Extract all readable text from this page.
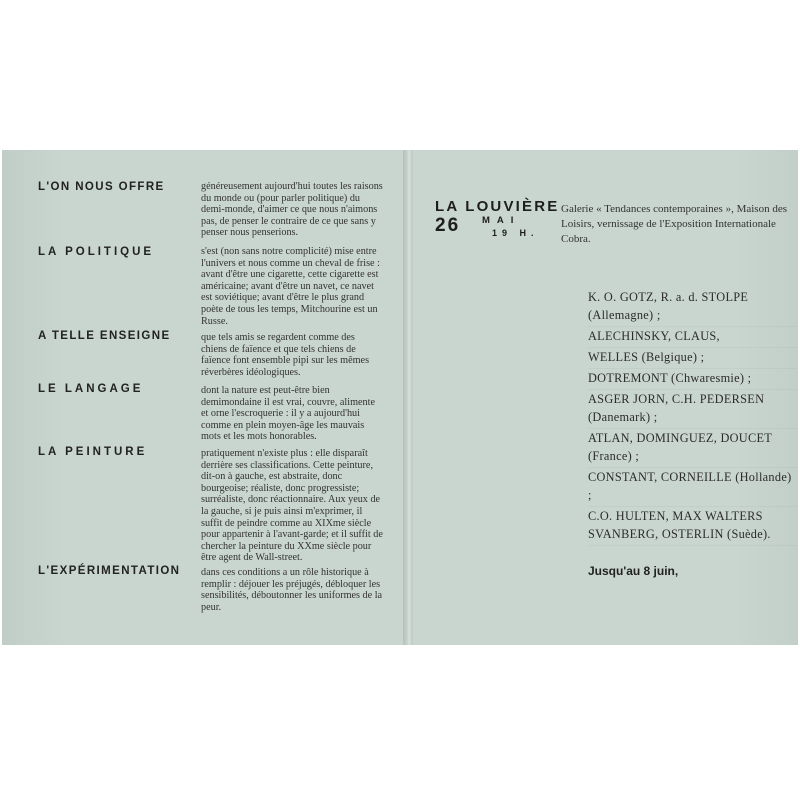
L'ON NOUS OFFRE	généreusement aujourd'hui toutes les raisons du monde ou (pour parler politique) du demi-monde, d'aimer ce que nous n'aimons pas, de penser le contraire de ce que sans y penser nous penserions.
LA POLITIQUE	s'est (non sans notre complicité) mise entre l'univers et nous comme un cheval de frise : avant d'être une cigarette, cette cigarette est américaine; avant d'être un navet, ce navet est soviétique; avant d'être le plus grand poète de tous les temps, Mitchourine est un Russe.
A TELLE ENSEIGNE	que tels amis se regardent comme des chiens de faïence et que tels chiens de faïence font ensemble pipi sur les mêmes réverbères idéologiques.
LE LANGAGE	dont la nature est peut-être bien demimondaine il est vrai, couvre, alimente et orne l'escroquerie : il y a aujourd'hui comme en plein moyen-âge les mauvais mots et les mots honorables.
LA PEINTURE	pratiquement n'existe plus : elle disparaît derrière ses classifications. Cette peinture, dit-on à gauche, est abstraite, donc bourgeoise; réaliste, donc progressiste; surréaliste, donc réactionnaire. Aux yeux de la gauche, si je puis ainsi m'exprimer, il suffit de peindre comme au XIXme siècle pour appartenir à l'avant-garde; et il suffit de chercher la peinture du XXme siècle pour être agent de Wall-street.
L'EXPÉRIMENTATION dans ces conditions a un rôle historique à remplir : déjouer les préjugés, débloquer les sensibilités, déboutonner les uniformes de la peur.
LA LOUVIÈRE
26 MAI
19 H.
Galerie « Tendances contemporaines », Maison des Loisirs, vernissage de l'Exposition Internationale Cobra.

K. O. GOTZ, R. a. d. STOLPE (Allemagne) ;

ALECHINSKY, CLAUS,

WELLES (Belgique) ;

DOTREMONT (Chwaresmie) ;

ASGER JORN, C.H. PEDERSEN (Danemark) ;

ATLAN, DOMINGUEZ, DOUCET (France) ;

CONSTANT, CORNEILLE (Hollande) ;

C.O. HULTEN, MAX WALTERS SVANBERG, OSTERLIN (Suède).

Jusqu'au 8 juin,
